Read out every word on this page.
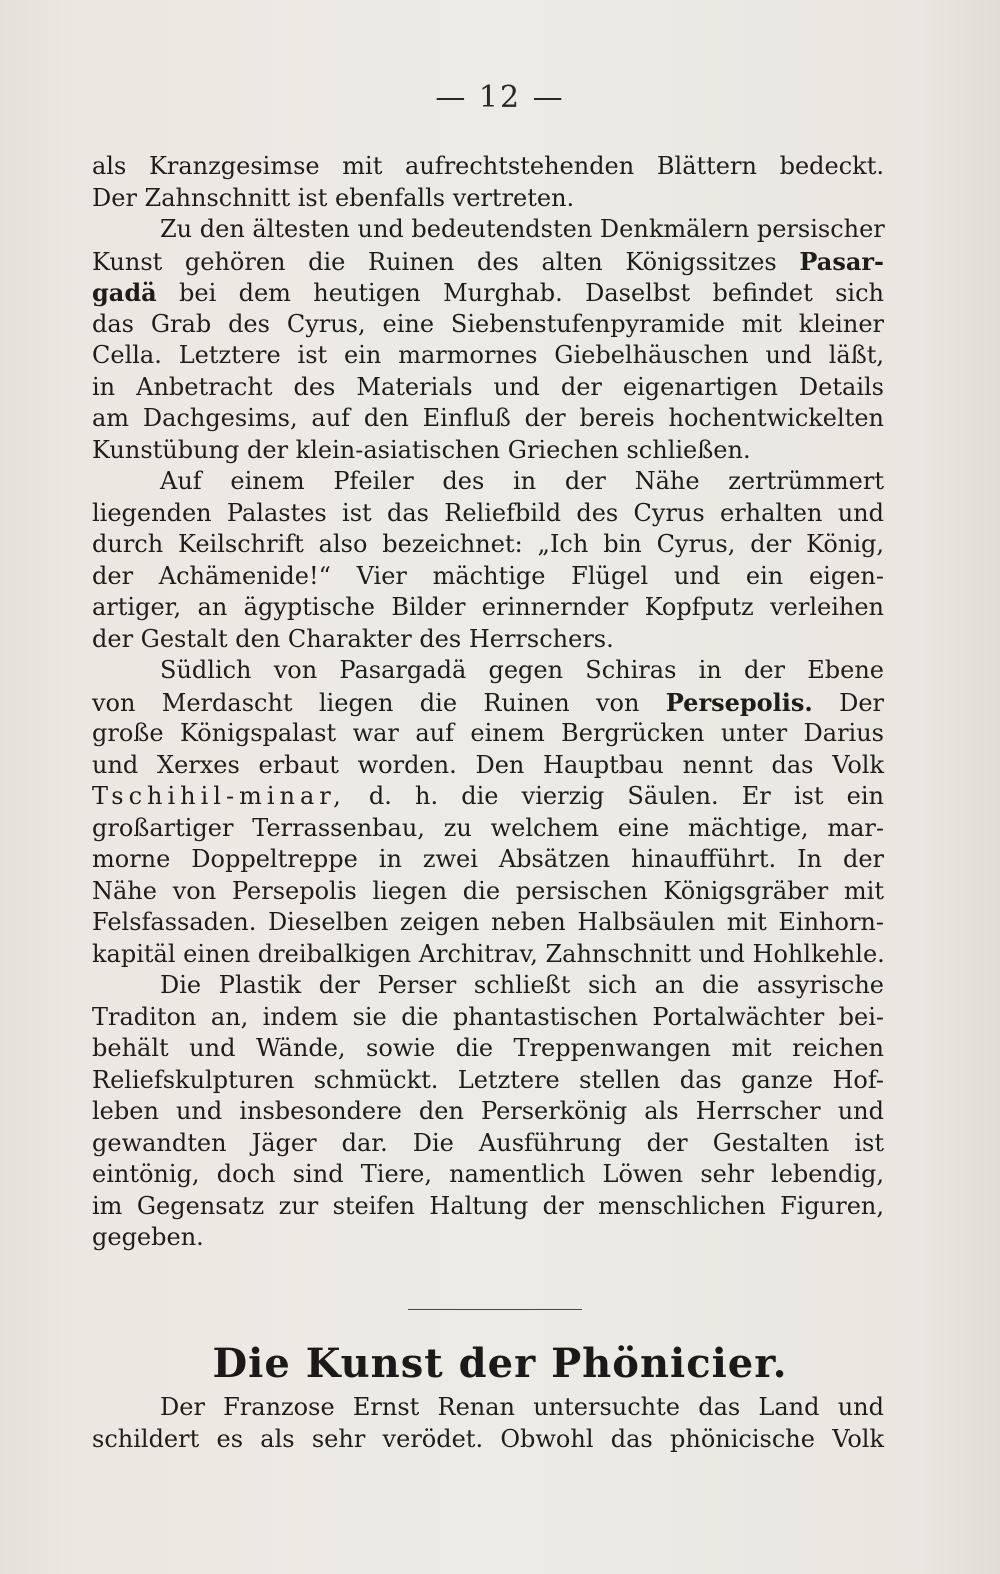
— 12 —
als Kranzgesimse mit aufrechtstehenden Blättern bedeckt.
Der Zahnschnitt ist ebenfalls vertreten.
Zu den ältesten und bedeutendsten Denkmälern persischer
Kunst gehören die Ruinen des alten Königssitzes Pasar-
gadä bei dem heutigen Murghab. Daselbst befindet sich
das Grab des Cyrus, eine Siebenstufenpyramide mit kleiner
Cella. Letztere ist ein marmornes Giebelhäuschen und läßt,
in Anbetracht des Materials und der eigenartigen Details
am Dachgesims, auf den Einfluß der bereis hochentwickelten
Kunstübung der klein-asiatischen Griechen schließen.
Auf einem Pfeiler des in der Nähe zertrümmert
liegenden Palastes ist das Reliefbild des Cyrus erhalten und
durch Keilschrift also bezeichnet: „Ich bin Cyrus, der König,
der Achämenide!“ Vier mächtige Flügel und ein eigen-
artiger, an ägyptische Bilder erinnernder Kopfputz verleihen
der Gestalt den Charakter des Herrschers.
Südlich von Pasargadä gegen Schiras in der Ebene
von Merdascht liegen die Ruinen von Persepolis. Der
große Königspalast war auf einem Bergrücken unter Darius
und Xerxes erbaut worden. Den Hauptbau nennt das Volk
Tschihil-minar, d. h. die vierzig Säulen. Er ist ein
großartiger Terrassenbau, zu welchem eine mächtige, mar-
morne Doppeltreppe in zwei Absätzen hinaufführt. In der
Nähe von Persepolis liegen die persischen Königsgräber mit
Felsfassaden. Dieselben zeigen neben Halbsäulen mit Einhorn-
kapitäl einen dreibalkigen Architrav, Zahnschnitt und Hohlkehle.
Die Plastik der Perser schließt sich an die assyrische
Traditon an, indem sie die phantastischen Portalwächter bei-
behält und Wände, sowie die Treppenwangen mit reichen
Reliefskulpturen schmückt. Letztere stellen das ganze Hof-
leben und insbesondere den Perserkönig als Herrscher und
gewandten Jäger dar. Die Ausführung der Gestalten ist
eintönig, doch sind Tiere, namentlich Löwen sehr lebendig,
im Gegensatz zur steifen Haltung der menschlichen Figuren,
gegeben.
Die Kunst der Phönicier.
Der Franzose Ernst Renan untersuchte das Land und
schildert es als sehr verödet. Obwohl das phönicische Volk
